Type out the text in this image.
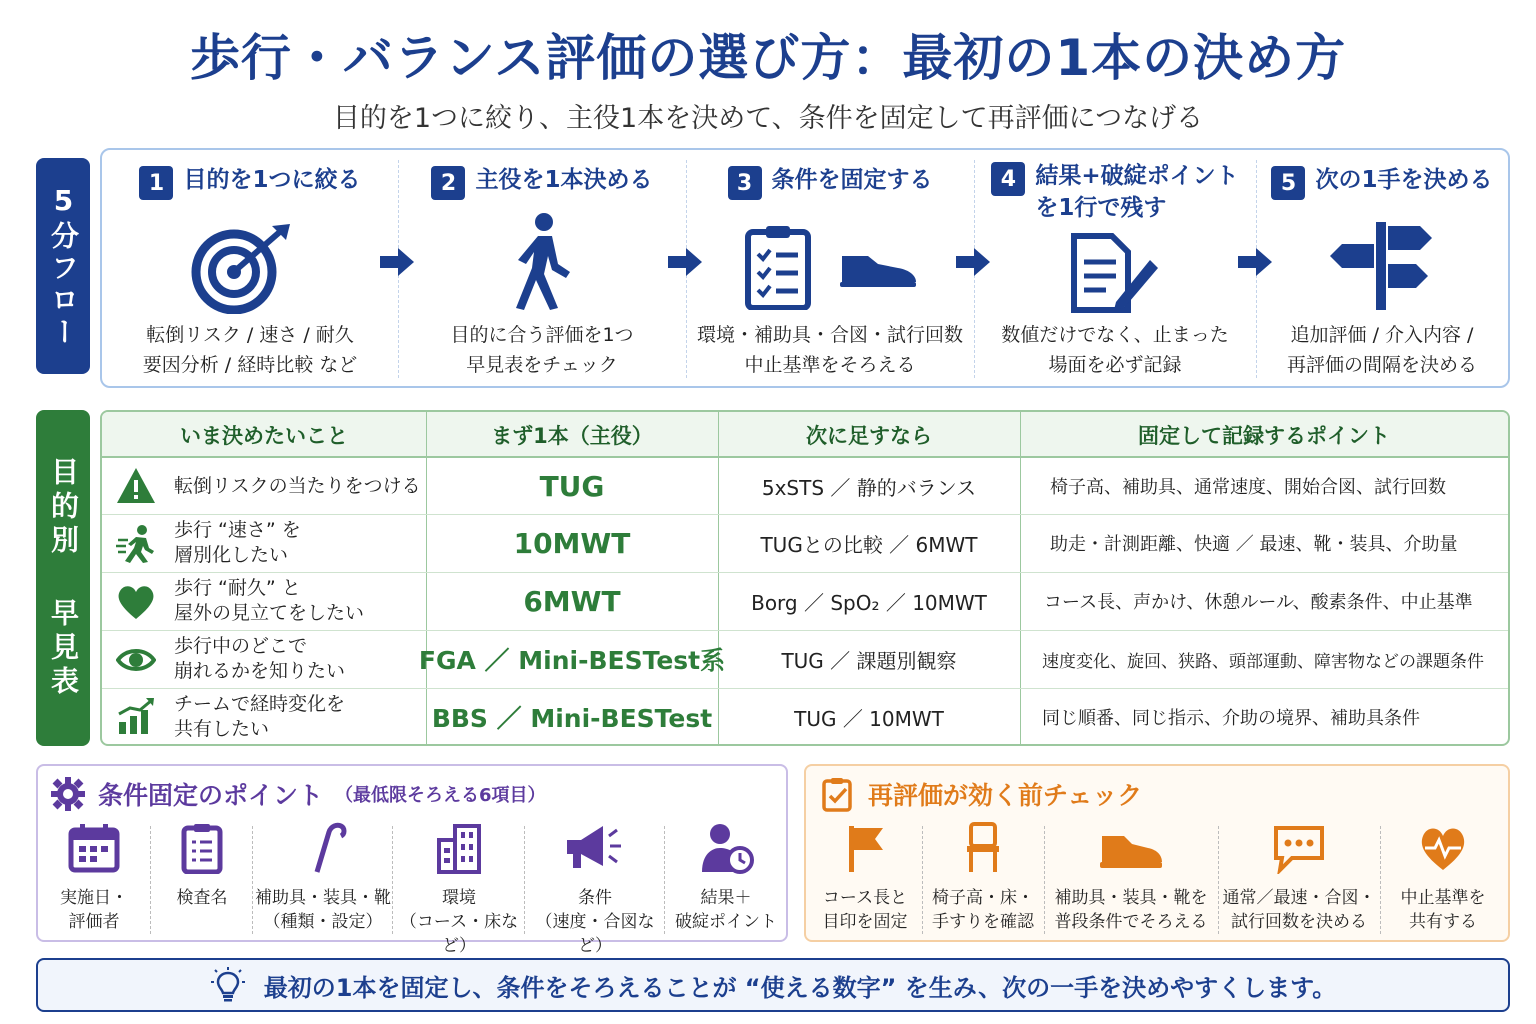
歩行・バランス評価の選び方：最初の1本の決め方
目的を1つに絞り、主役1本を決めて、条件を固定して再評価につなげる
5分フロー
1 目的を1つに絞る
転倒リスク / 速さ / 耐久
要因分析 / 経時比較 など
2 主役を1本決める
目的に合う評価を1つ
早見表をチェック
3 条件を固定する
環境・補助具・合図・試行回数
中止基準をそろえる
4 結果+破綻ポイント
を1行で残す
数値だけでなく、止まった
場面を必ず記録
5 次の1手を決める
追加評価 / 介入内容 /
再評価の間隔を決める
目的別 早見表
いま決めたいこと	まず1本（主役）	次に足すなら	固定して記録するポイント
転倒リスクの当たりをつける	TUG	5xSTS ／ 静的バランス	椅子高、補助具、通常速度、開始合図、試行回数
歩行 “速さ” を
層別化したい	10MWT	TUGとの比較 ／ 6MWT	助走・計測距離、快適 ／ 最速、靴・装具、介助量
歩行 “耐久” と
屋外の見立てをしたい	6MWT	Borg ／ SpO₂ ／ 10MWT	コース長、声かけ、休憩ルール、酸素条件、中止基準
歩行中のどこで
崩れるかを知りたい	FGA ／ Mini-BESTest系	TUG ／ 課題別観察	速度変化、旋回、狭路、頭部運動、障害物などの課題条件
チームで経時変化を
共有したい	BBS ／ Mini-BESTest	TUG ／ 10MWT	同じ順番、同じ指示、介助の境界、補助具条件
条件固定のポイント （最低限そろえる6項目）
実施日・
評価者
検査名	補助具・装具・靴
（種類・設定）
環境
（コース・床など）
条件
（速度・合図など）
結果＋
破綻ポイント
再評価が効く前チェック
コース長と
目印を固定
椅子高・床・
手すりを確認
補助具・装具・靴を
普段条件でそろえる
通常／最速・合図・
試行回数を決める
中止基準を
共有する
最初の1本を固定し、条件をそろえることが “使える数字” を生み、次の一手を決めやすくします。
